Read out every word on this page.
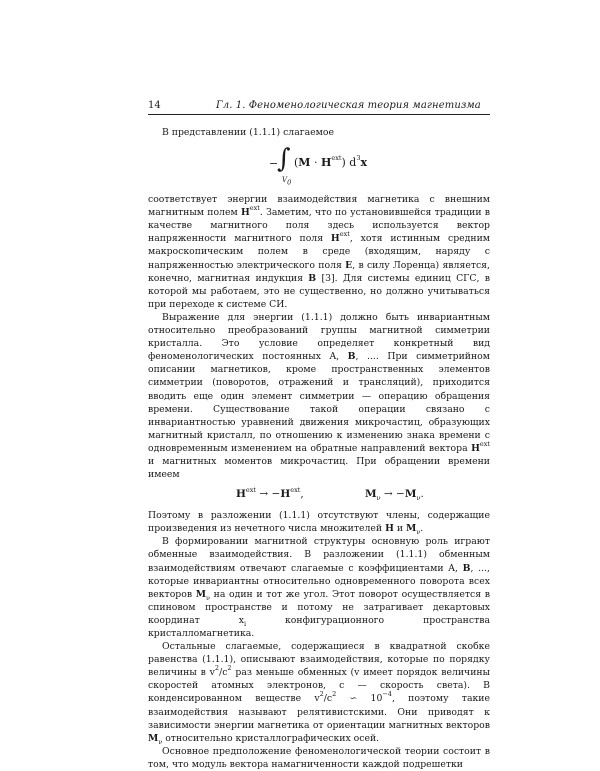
14	Гл. 1. Феноменологическая теория магнетизма

В представлении (1.1.1) слагаемое

−
∫
$V_0$
$(M \cdot H^{ext})$ $d^3x$

соответствует энергии взаимодействия магнетика с внешним магнитным полем $H^{ext}$. Заметим, что по установившейся традиции в качестве магнитного поля здесь используется вектор напряженности магнитного поля $H^{ext}$, хотя истинным средним макроскопическим полем в среде (входящим, наряду с напряженностью электрического поля E, в силу Лоренца) является, конечно, магнитная индукция B [3]. Для системы единиц СГС, в которой мы работаем, это не существенно, но должно учитываться при переходе к системе СИ.

Выражение для энергии (1.1.1) должно быть инвариантным относительно преобразований группы магнитной симметрии кристалла. Это условие определяет конкретный вид феноменологических постоянных A, B, .... При симметрийном описании магнетиков, кроме пространственных элементов симметрии (поворотов, отражений и трансляций), приходится вводить еще один элемент симметрии — операцию обращения времени. Существование такой операции связано с инвариантностью уравнений движения микрочастиц, образующих магнитный кристалл, по отношению к изменению знака времени с одновременным изменением на обратные направлений вектора $H^{ext}$ и магнитных моментов микрочастиц. При обращении времени имеем

$H^{ext} \to -H^{ext}$,	$M_\nu \to -M_\nu$.

Поэтому в разложении (1.1.1) отсутствуют члены, содержащие произведения из нечетного числа множителей H и $M_\nu$.

В формировании магнитной структуры основную роль играют обменные взаимодействия. В разложении (1.1.1) обменным взаимодействиям отвечают слагаемые с коэффициентами A, B, ..., которые инвариантны относительно одновременного поворота всех векторов $M_\nu$ на один и тот же угол. Этот поворот осуществляется в спиновом пространстве и потому не затрагивает декартовых координат $x_i$ конфигурационного пространства кристалломагнетика.

Остальные слагаемые, содержащиеся в квадратной скобке равенства (1.1.1), описывают взаимодействия, которые по порядку величины в $v^2/c^2$ раз меньше обменных (v имеет порядок величины скоростей атомных электронов, c — скорость света). В конденсированном веществе $v^2/c^2$ ∽ $10^{-4}$, поэтому такие взаимодействия называют релятивистскими. Они приводят к зависимости энергии магнетика от ориентации магнитных векторов $M_\nu$ относительно кристаллографических осей.

Основное предположение феноменологической теории состоит в том, что модуль вектора намагниченности каждой подрешетки
